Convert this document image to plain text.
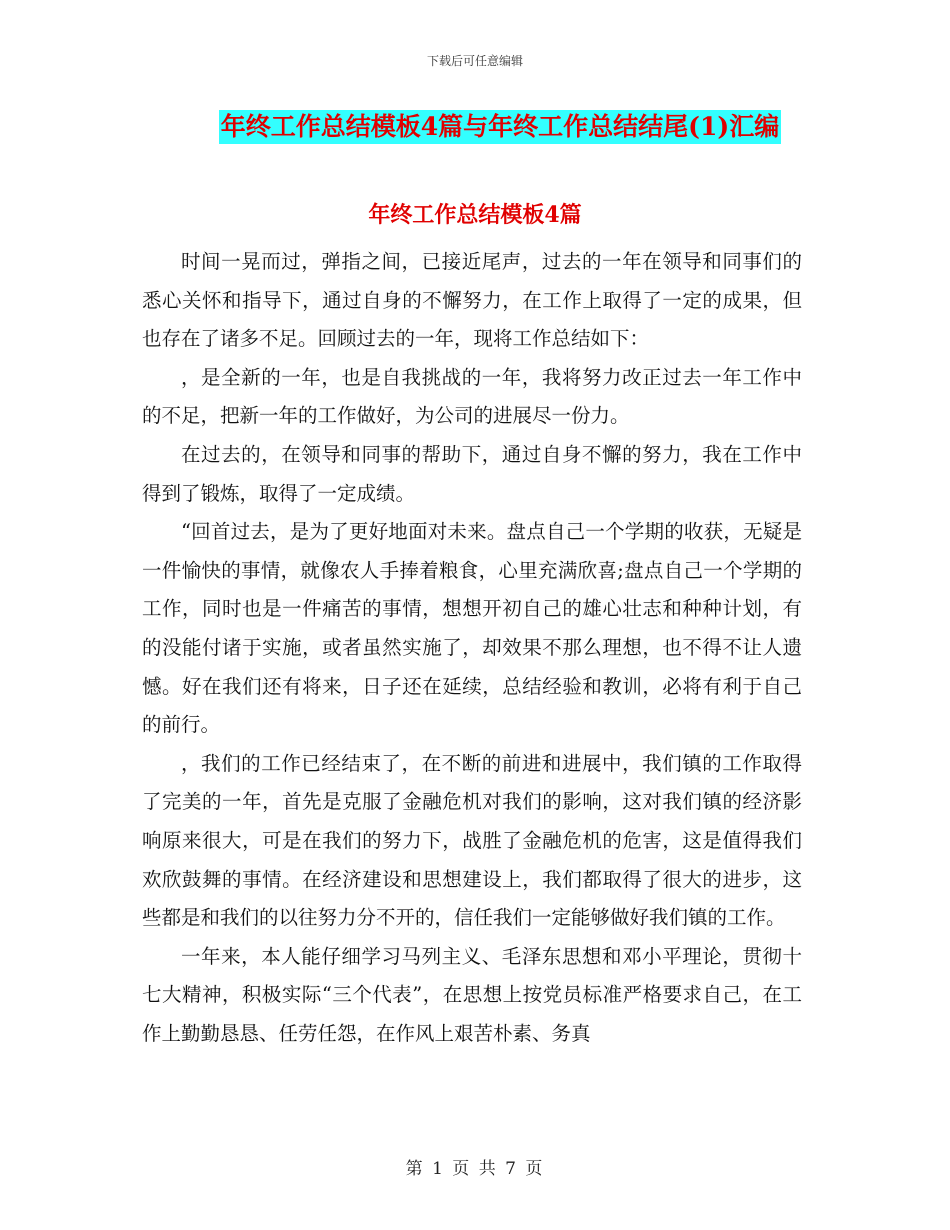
下载后可任意编辑
年终工作总结模板4篇与年终工作总结结尾(1)汇编
年终工作总结模板4篇

时间一晃而过，弹指之间，已接近尾声，过去的一年在领导和同事们的悉心关怀和指导下，通过自身的不懈努力，在工作上取得了一定的成果，但也存在了诸多不足。回顾过去的一年，现将工作总结如下：

，是全新的一年，也是自我挑战的一年，我将努力改正过去一年工作中的不足，把新一年的工作做好，为公司的进展尽一份力。

在过去的，在领导和同事的帮助下，通过自身不懈的努力，我在工作中得到了锻炼，取得了一定成绩。

“回首过去，是为了更好地面对未来。盘点自己一个学期的收获，无疑是一件愉快的事情，就像农人手捧着粮食，心里充满欣喜;盘点自己一个学期的工作，同时也是一件痛苦的事情，想想开初自己的雄心壮志和种种计划，有的没能付诸于实施，或者虽然实施了，却效果不那么理想，也不得不让人遗憾。好在我们还有将来，日子还在延续，总结经验和教训，必将有利于自己的前行。

，我们的工作已经结束了，在不断的前进和进展中，我们镇的工作取得了完美的一年，首先是克服了金融危机对我们的影响，这对我们镇的经济影响原来很大，可是在我们的努力下，战胜了金融危机的危害，这是值得我们欢欣鼓舞的事情。在经济建设和思想建设上，我们都取得了很大的进步，这些都是和我们的以往努力分不开的，信任我们一定能够做好我们镇的工作。

一年来，本人能仔细学习马列主义、毛泽东思想和邓小平理论，贯彻十七大精神，积极实际“三个代表”，在思想上按党员标准严格要求自己，在工作上勤勤恳恳、任劳任怨，在作风上艰苦朴素、务真

第 1 页 共 7 页
